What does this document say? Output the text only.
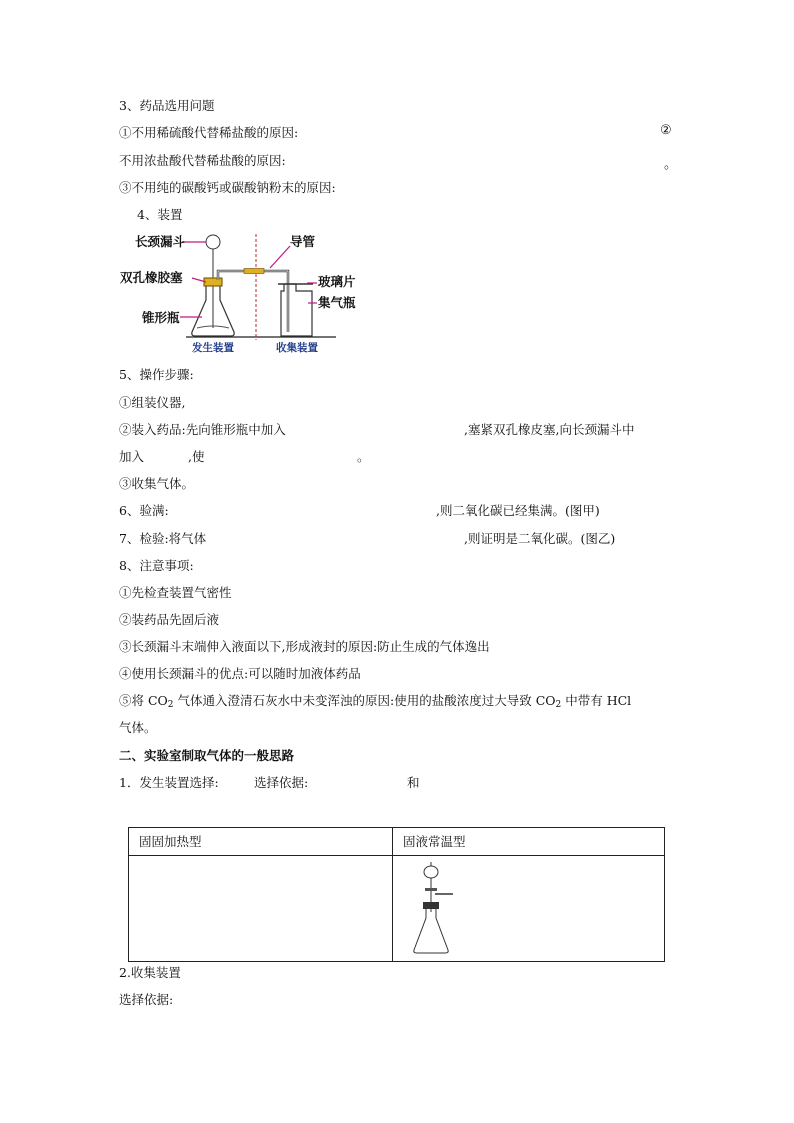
3、药品选用问题
①不用稀硫酸代替稀盐酸的原因:	②
不用浓盐酸代替稀盐酸的原因:	。
③不用纯的碳酸钙或碳酸钠粉末的原因:
4、装置
长颈漏斗
双孔橡胶塞
锥形瓶
导管
玻璃片
集气瓶
发生装置	收集装置
5、操作步骤:
①组装仪器,
②装入药品:先向锥形瓶中加入	,塞紧双孔橡皮塞,向长颈漏斗中
加入	,使	。
③收集气体。
6、验满:	,则二氧化碳已经集满。(图甲)
7、检验:将气体	,则证明是二氧化碳。(图乙)
8、注意事项:
①先检查装置气密性
②装药品先固后液
③长颈漏斗末端伸入液面以下,形成液封的原因:防止生成的气体逸出
④使用长颈漏斗的优点:可以随时加液体药品
⑤将 $CO_2$ 气体通入澄清石灰水中未变浑浊的原因:使用的盐酸浓度过大导致 $CO_2$ 中带有 HCl
气体。
二、实验室制取气体的一般思路
1．发生装置选择:	选择依据:	和
固固加热型	固液常温型

2.收集装置
选择依据:
